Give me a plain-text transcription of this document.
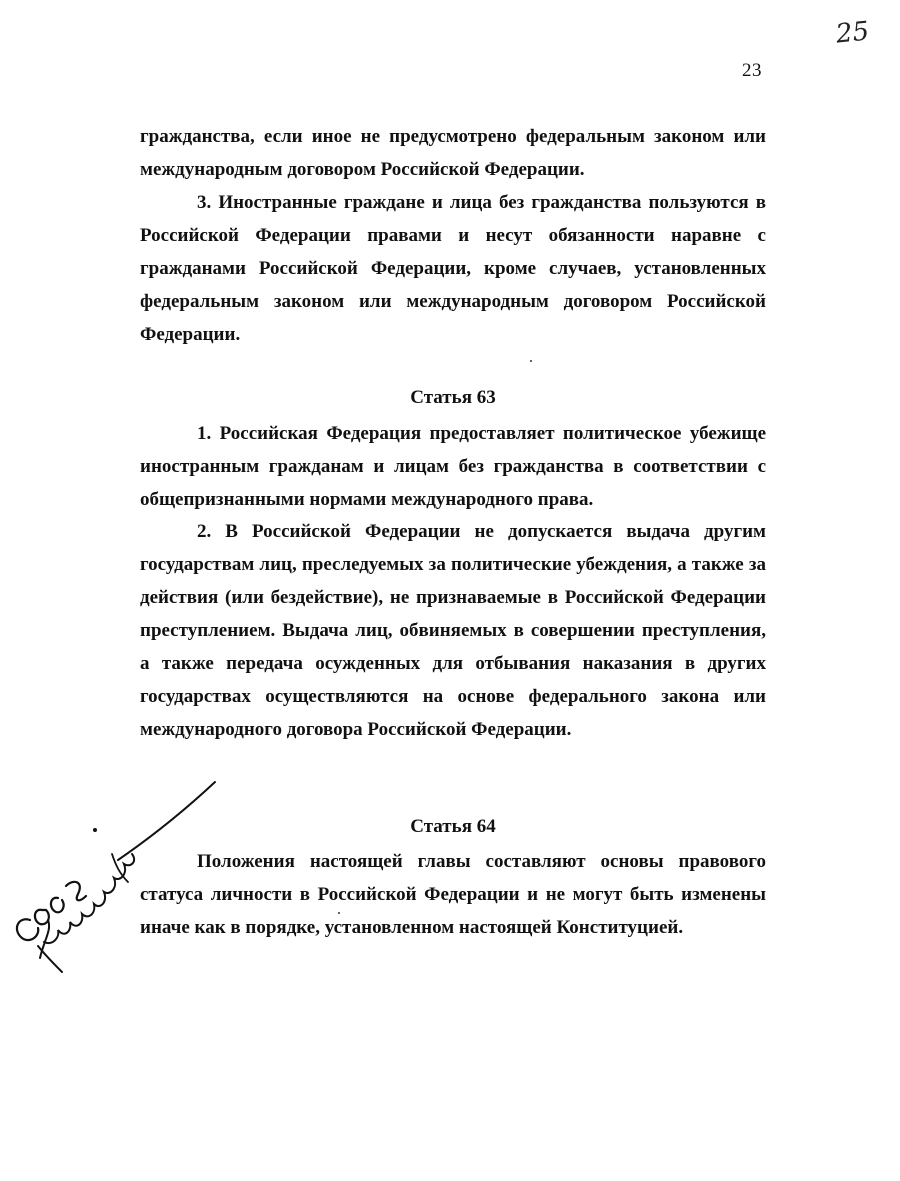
25
23

гражданства, если иное не предусмотрено федеральным законом или международным договором Российской Федерации.

3. Иностранные граждане и лица без гражданства пользуются в Российской Федерации правами и несут обязанности наравне с гражданами Российской Федерации, кроме случаев, установленных федеральным законом или международным договором Российской Федерации.

Статья 63

1. Российская Федерация предоставляет политическое убежище иностранным гражданам и лицам без гражданства в соответствии с общепризнанными нормами международного права.

2. В Российской Федерации не допускается выдача другим государствам лиц, преследуемых за политические убеждения, а также за действия (или бездействие), не признаваемые в Российской Федерации преступлением. Выдача лиц, обвиняемых в совершении преступления, а также передача осужденных для отбывания наказания в других государствах осуществляются на основе федерального закона или международного договора Российской Федерации.

Статья 64

Положения настоящей главы составляют основы правового статуса личности в Российской Федерации и не могут быть изменены иначе как в порядке, установленном настоящей Конституцией.
